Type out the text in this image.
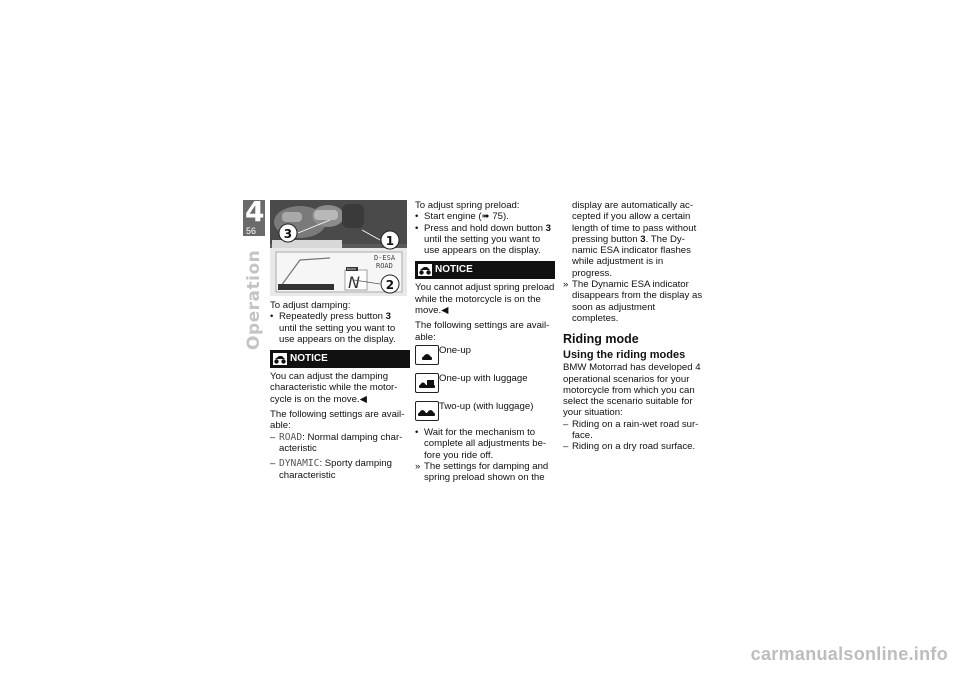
4
56
Operation	D-ESA
ROAD
N
ROAD
3	1
2

To adjust damping:

• Repeatedly press button 3 until the setting you want to use appears on the display.
NOTICE

You can adjust the damping characteristic while the motor-cycle is on the move.◀

The following settings are avail-able:

– ROAD: Normal damping char-acteristic
– DYNAMIC: Sporty damping characteristic

To adjust spring preload:

• Start engine (➠ 75).
• Press and hold down button 3 until the setting you want to use appears on the display.
NOTICE

You cannot adjust spring preload while the motorcycle is on the move.◀

The following settings are avail-able:

One-up
One-up with luggage
Two-up (with luggage)
• Wait for the mechanism to complete all adjustments be-fore you ride off.
» The settings for damping and spring preload shown on the
display are automatically ac-cepted if you allow a certain length of time to pass without pressing button 3. The Dy-namic ESA indicator flashes while adjustment is in progress.
» The Dynamic ESA indicator disappears from the display as soon as adjustment completes.

Riding mode

Using the riding modes

BMW Motorrad has developed 4 operational scenarios for your motorcycle from which you can select the scenario suitable for your situation:

– Riding on a rain-wet road sur-face.
– Riding on a dry road surface.
carmanualsonline.info
